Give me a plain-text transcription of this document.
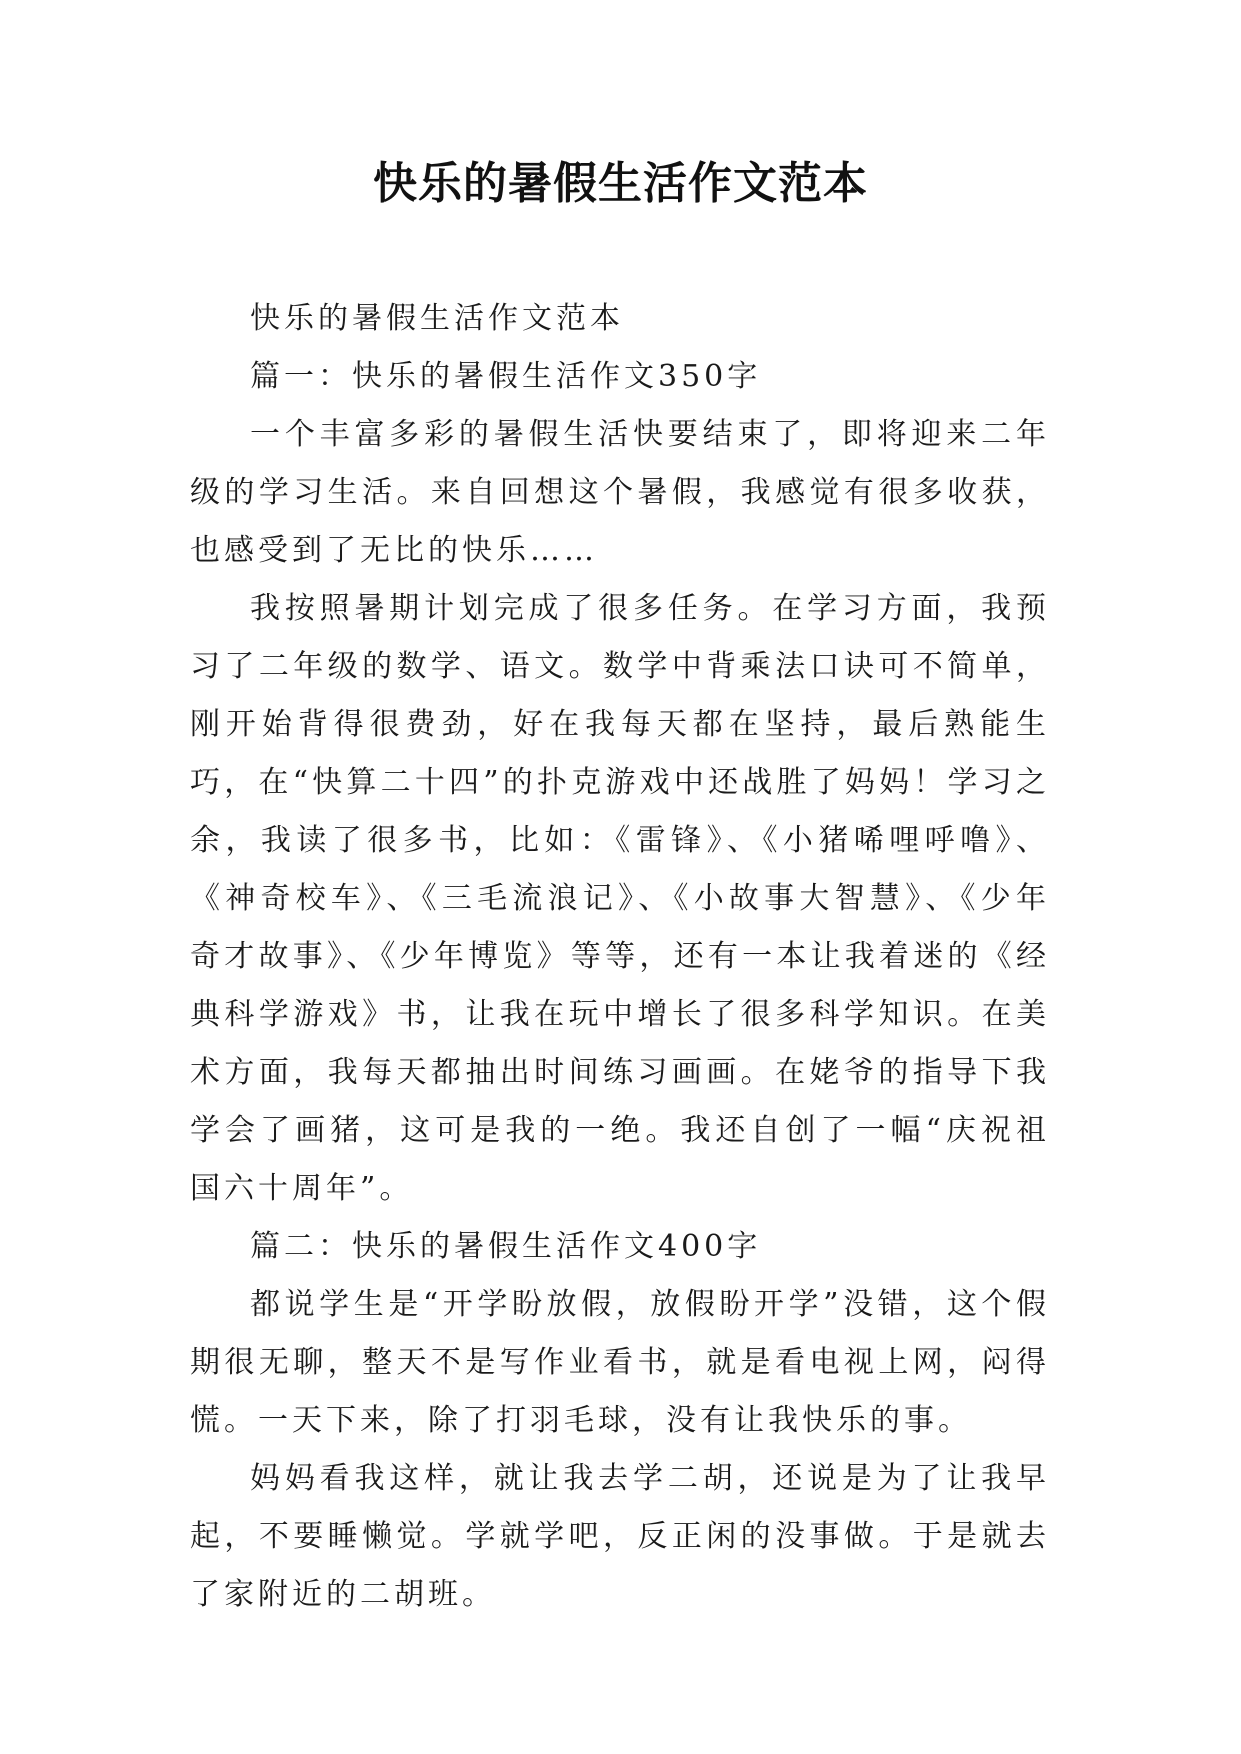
快乐的暑假生活作文范本

快乐的暑假生活作文范本

篇一：快乐的暑假生活作文350字

一个丰富多彩的暑假生活快要结束了，即将迎来二年级的学习生活。来自回想这个暑假，我感觉有很多收获，也感受到了无比的快乐……

我按照暑期计划完成了很多任务。在学习方面，我预习了二年级的数学、语文。数学中背乘法口诀可不简单，刚开始背得很费劲，好在我每天都在坚持，最后熟能生巧，在“快算二十四”的扑克游戏中还战胜了妈妈！学习之余，我读了很多书，比如：《雷锋》、《小猪唏哩呼噜》、《神奇校车》、《三毛流浪记》、《小故事大智慧》、《少年奇才故事》、《少年博览》等等，还有一本让我着迷的《经典科学游戏》书，让我在玩中增长了很多科学知识。在美术方面，我每天都抽出时间练习画画。在姥爷的指导下我学会了画猪，这可是我的一绝。我还自创了一幅“庆祝祖国六十周年”。

篇二：快乐的暑假生活作文400字

都说学生是“开学盼放假，放假盼开学”没错，这个假期很无聊，整天不是写作业看书，就是看电视上网，闷得慌。一天下来，除了打羽毛球，没有让我快乐的事。

妈妈看我这样，就让我去学二胡，还说是为了让我早起，不要睡懒觉。学就学吧，反正闲的没事做。于是就去了家附近的二胡班。
